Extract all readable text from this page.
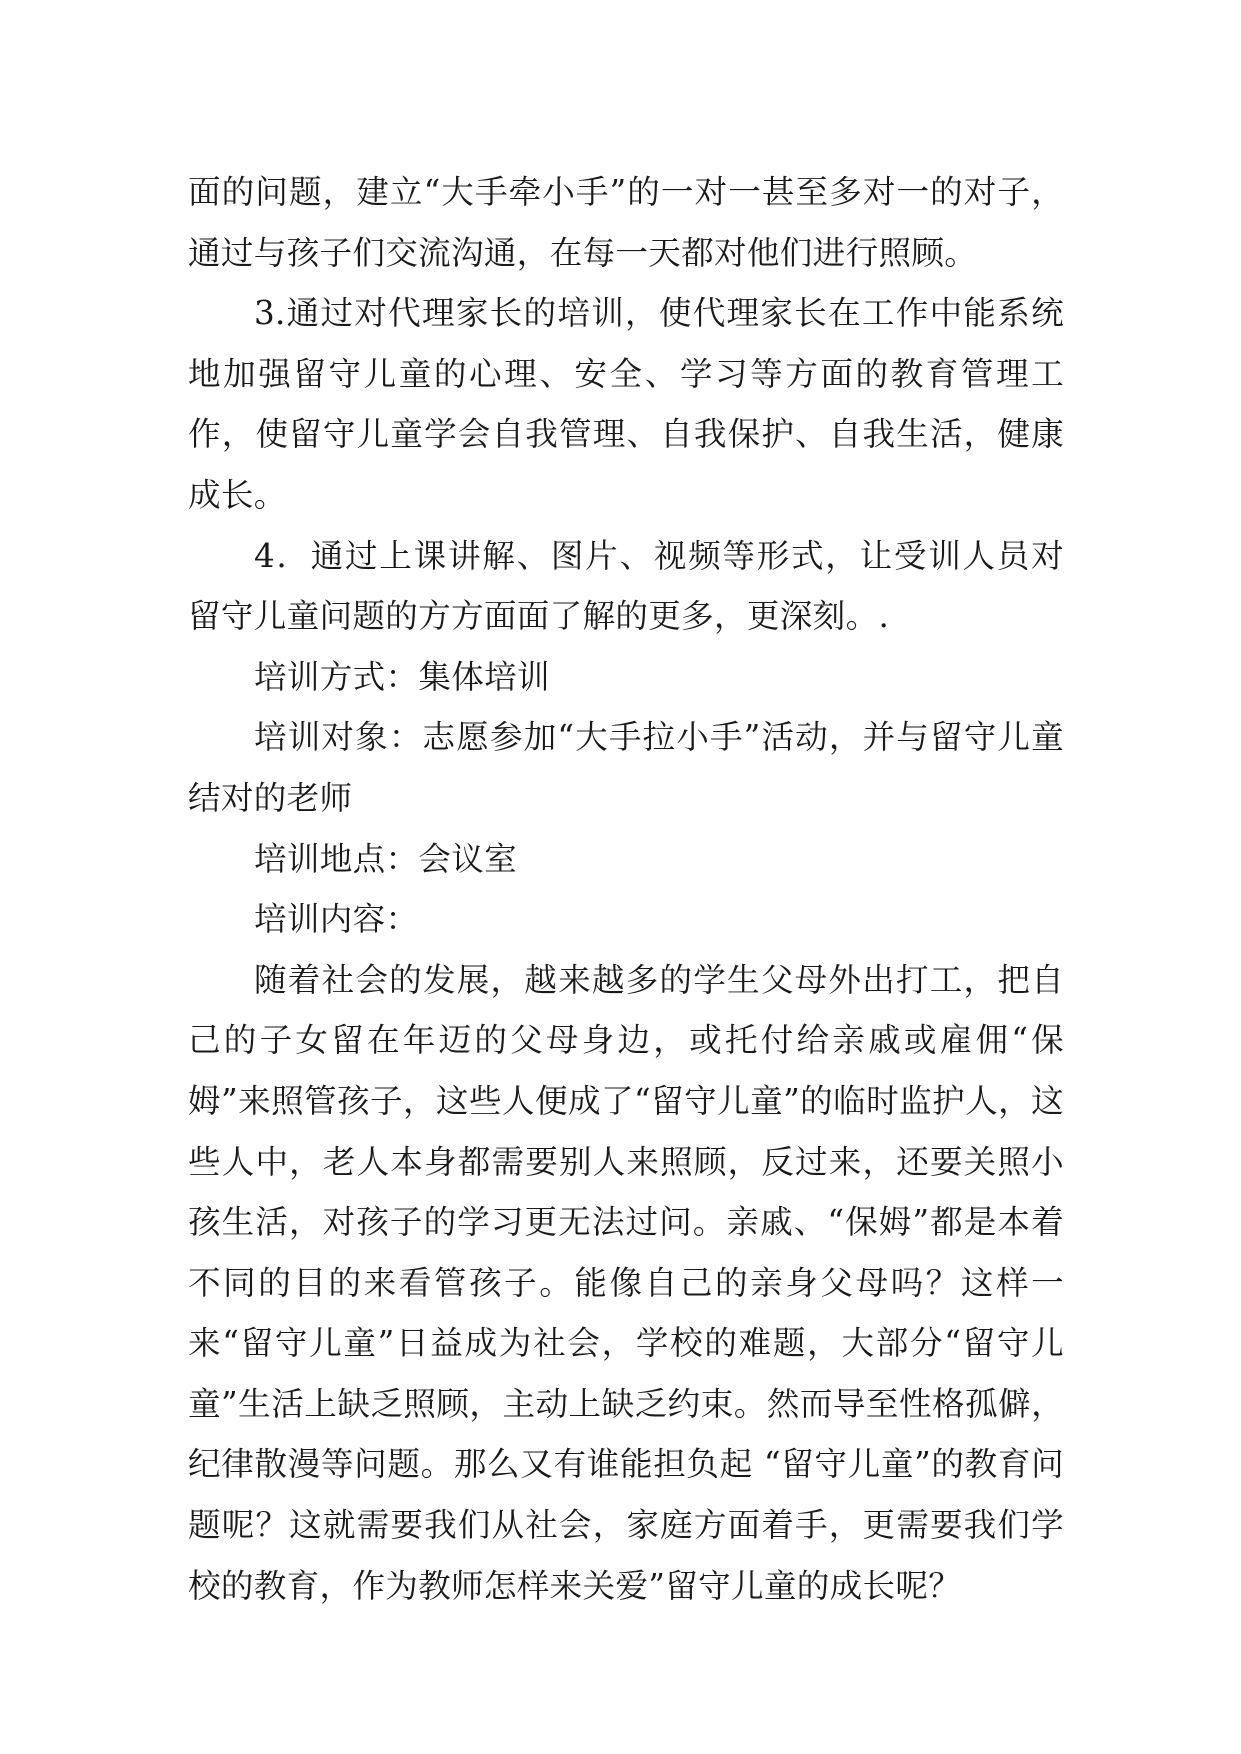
面的问题，建立“大手牵小手”的一对一甚至多对一的对子，通过与孩子们交流沟通，在每一天都对他们进行照顾。

3.通过对代理家长的培训，使代理家长在工作中能系统地加强留守儿童的心理、安全、学习等方面的教育管理工作，使留守儿童学会自我管理、自我保护、自我生活，健康成长。

4．通过上课讲解、图片、视频等形式，让受训人员对留守儿童问题的方方面面了解的更多，更深刻。.

培训方式：集体培训

培训对象：志愿参加“大手拉小手”活动，并与留守儿童结对的老师

培训地点：会议室

培训内容：

随着社会的发展，越来越多的学生父母外出打工，把自己的子女留在年迈的父母身边，或托付给亲戚或雇佣“保姆”来照管孩子，这些人便成了“留守儿童”的临时监护人，这些人中，老人本身都需要别人来照顾，反过来，还要关照小孩生活，对孩子的学习更无法过问。亲戚、“保姆”都是本着不同的目的来看管孩子。能像自己的亲身父母吗？这样一来“留守儿童”日益成为社会，学校的难题，大部分“留守儿童”生活上缺乏照顾，主动上缺乏约束。然而导至性格孤僻，纪律散漫等问题。那么又有谁能担负起 “留守儿童”的教育问题呢？这就需要我们从社会，家庭方面着手，更需要我们学校的教育，作为教师怎样来关爱”留守儿童的成长呢？
